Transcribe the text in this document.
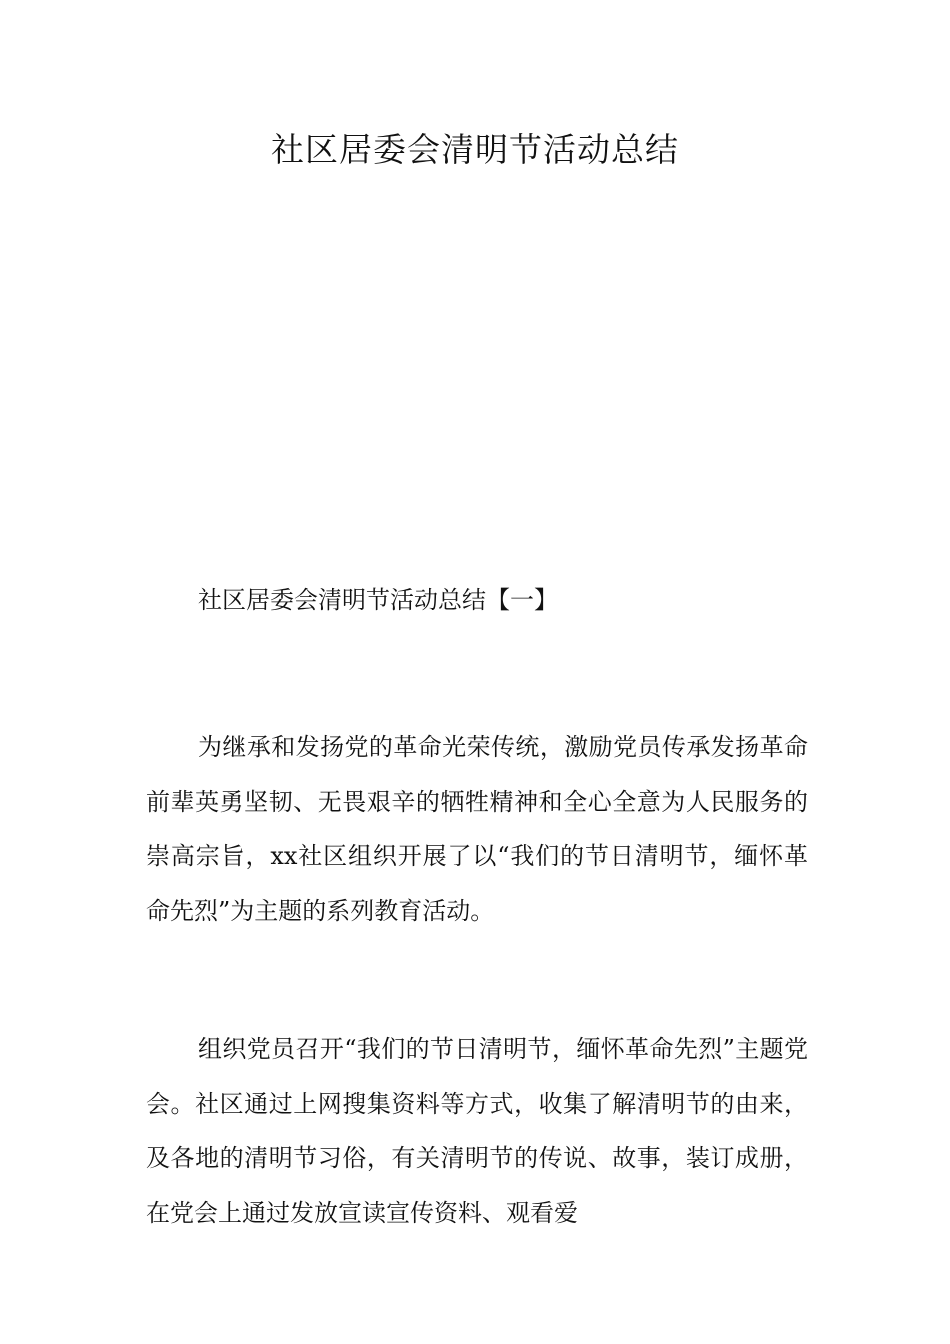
社区居委会清明节活动总结
社区居委会清明节活动总结【一】

为继承和发扬党的革命光荣传统，激励党员传承发扬革命前辈英勇坚韧、无畏艰辛的牺牲精神和全心全意为人民服务的崇高宗旨，xx社区组织开展了以“我们的节日清明节，缅怀革命先烈”为主题的系列教育活动。

组织党员召开“我们的节日清明节，缅怀革命先烈”主题党会。社区通过上网搜集资料等方式，收集了解清明节的由来，及各地的清明节习俗，有关清明节的传说、故事，装订成册，在党会上通过发放宣读宣传资料、观看爱
